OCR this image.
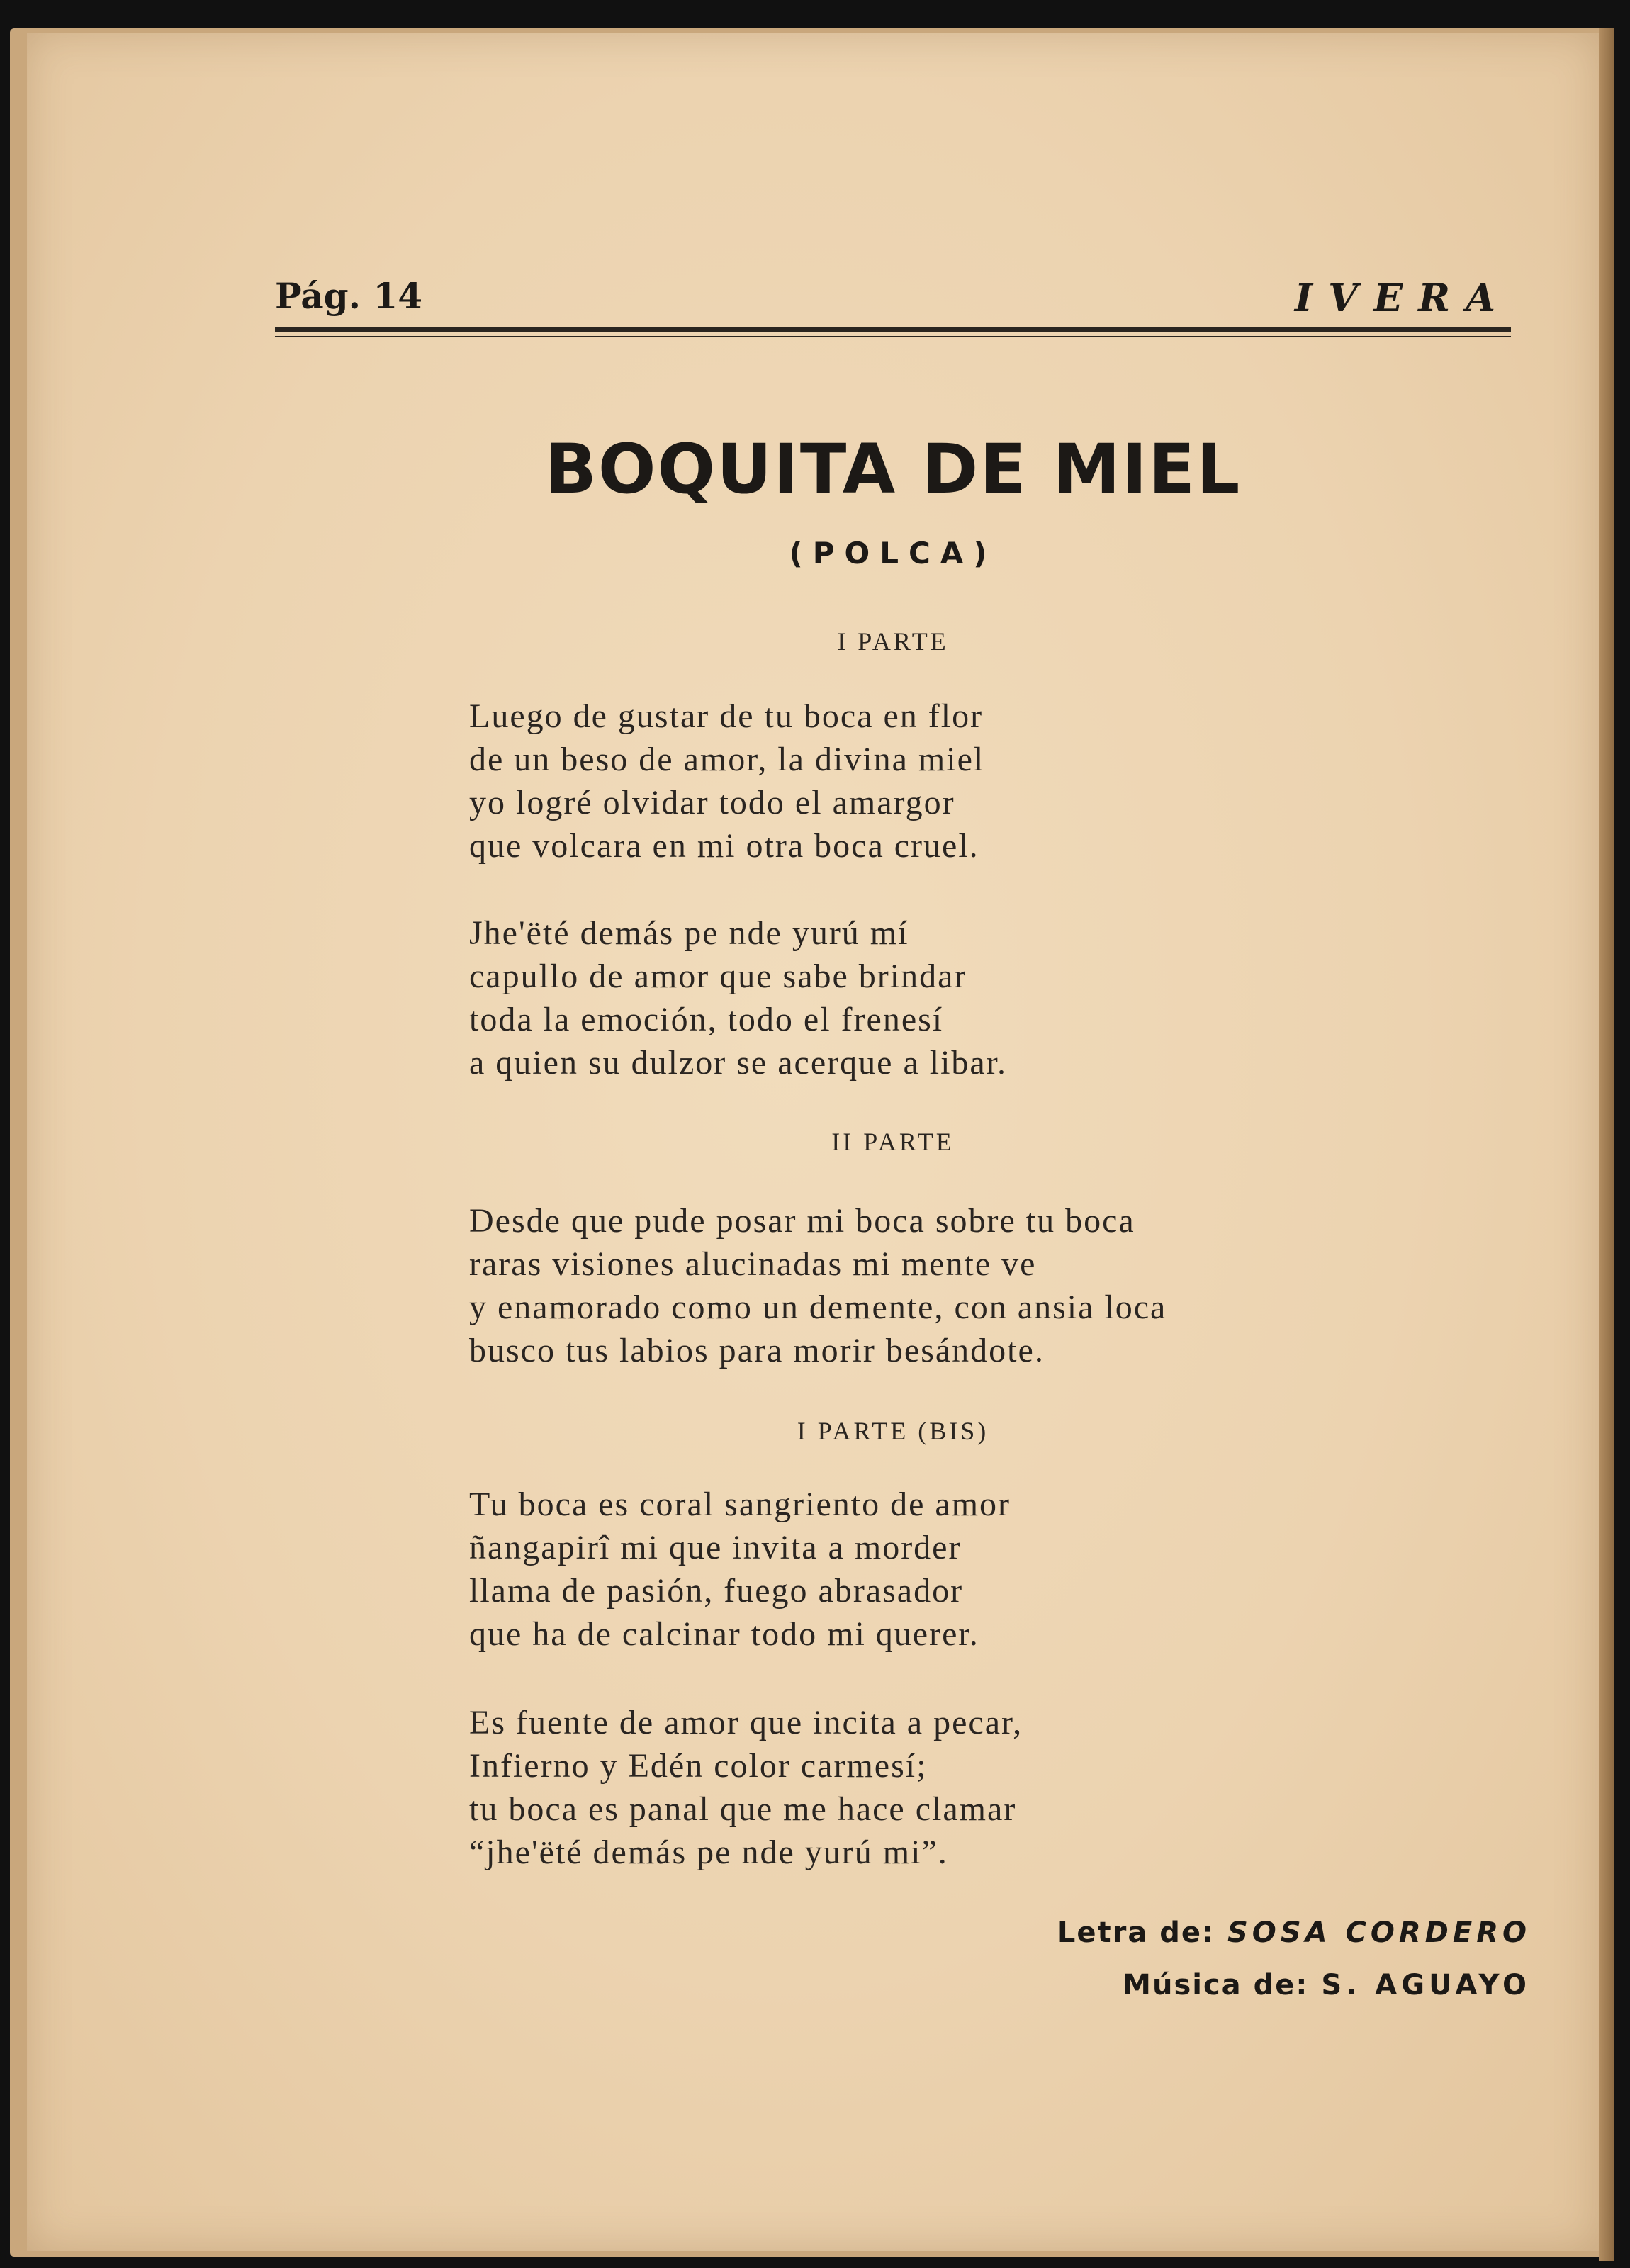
Pág. 14	IVERA
BOQUITA DE MIEL
(POLCA)
I PARTE
Luego de gustar de tu boca en flor
de un beso de amor, la divina miel
yo logré olvidar todo el amargor
que volcara en mi otra boca cruel.
Jhe'ëté demás pe nde yurú mí
capullo de amor que sabe brindar
toda la emoción, todo el frenesí
a quien su dulzor se acerque a libar.
II PARTE
Desde que pude posar mi boca sobre tu boca
raras visiones alucinadas mi mente ve
y enamorado como un demente, con ansia loca
busco tus labios para morir besándote.
I PARTE (BIS)
Tu boca es coral sangriento de amor
ñangapirî mi que invita a morder
llama de pasión, fuego abrasador
que ha de calcinar todo mi querer.
Es fuente de amor que incita a pecar,
Infierno y Edén color carmesí;
tu boca es panal que me hace clamar
“jhe'ëté demás pe nde yurú mi”.
Letra de: SOSA CORDERO
Música de: S. AGUAYO
